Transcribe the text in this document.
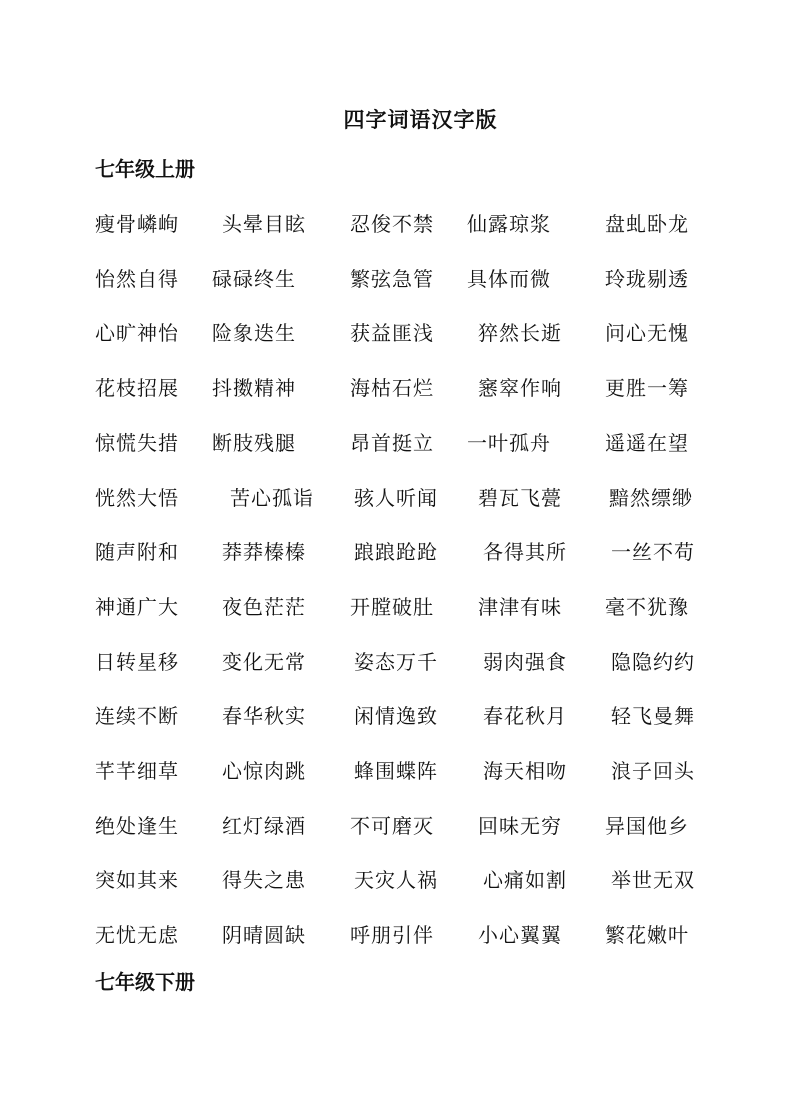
四字词语汉字版
七年级上册
瘦骨嶙峋 头晕目眩 忍俊不禁 仙露琼浆	盘虬卧龙
怡然自得 碌碌终生	繁弦急管 具体而微	玲珑剔透
心旷神怡 险象迭生	获益匪浅 猝然长逝 问心无愧
花枝招展 抖擞精神	海枯石烂 窸窣作响 更胜一筹
惊慌失措 断肢残腿	昂首挺立 一叶孤舟	遥遥在望
恍然大悟	苦心孤诣 骇人听闻 碧瓦飞甍 黯然缥缈
随声附和 莽莽榛榛 踉踉跄跄 各得其所 一丝不苟
神通广大 夜色茫茫 开膛破肚 津津有味 毫不犹豫
日转星移 变化无常 姿态万千 弱肉强食 隐隐约约
连续不断 春华秋实 闲情逸致 春花秋月 轻飞曼舞
芊芊细草 心惊肉跳 蜂围蝶阵 海天相吻 浪子回头
绝处逢生 红灯绿酒 不可磨灭 回味无穷 异国他乡
突如其来 得失之患 天灾人祸 心痛如割 举世无双
无忧无虑 阴晴圆缺 呼朋引伴 小心翼翼 繁花嫩叶
七年级下册
